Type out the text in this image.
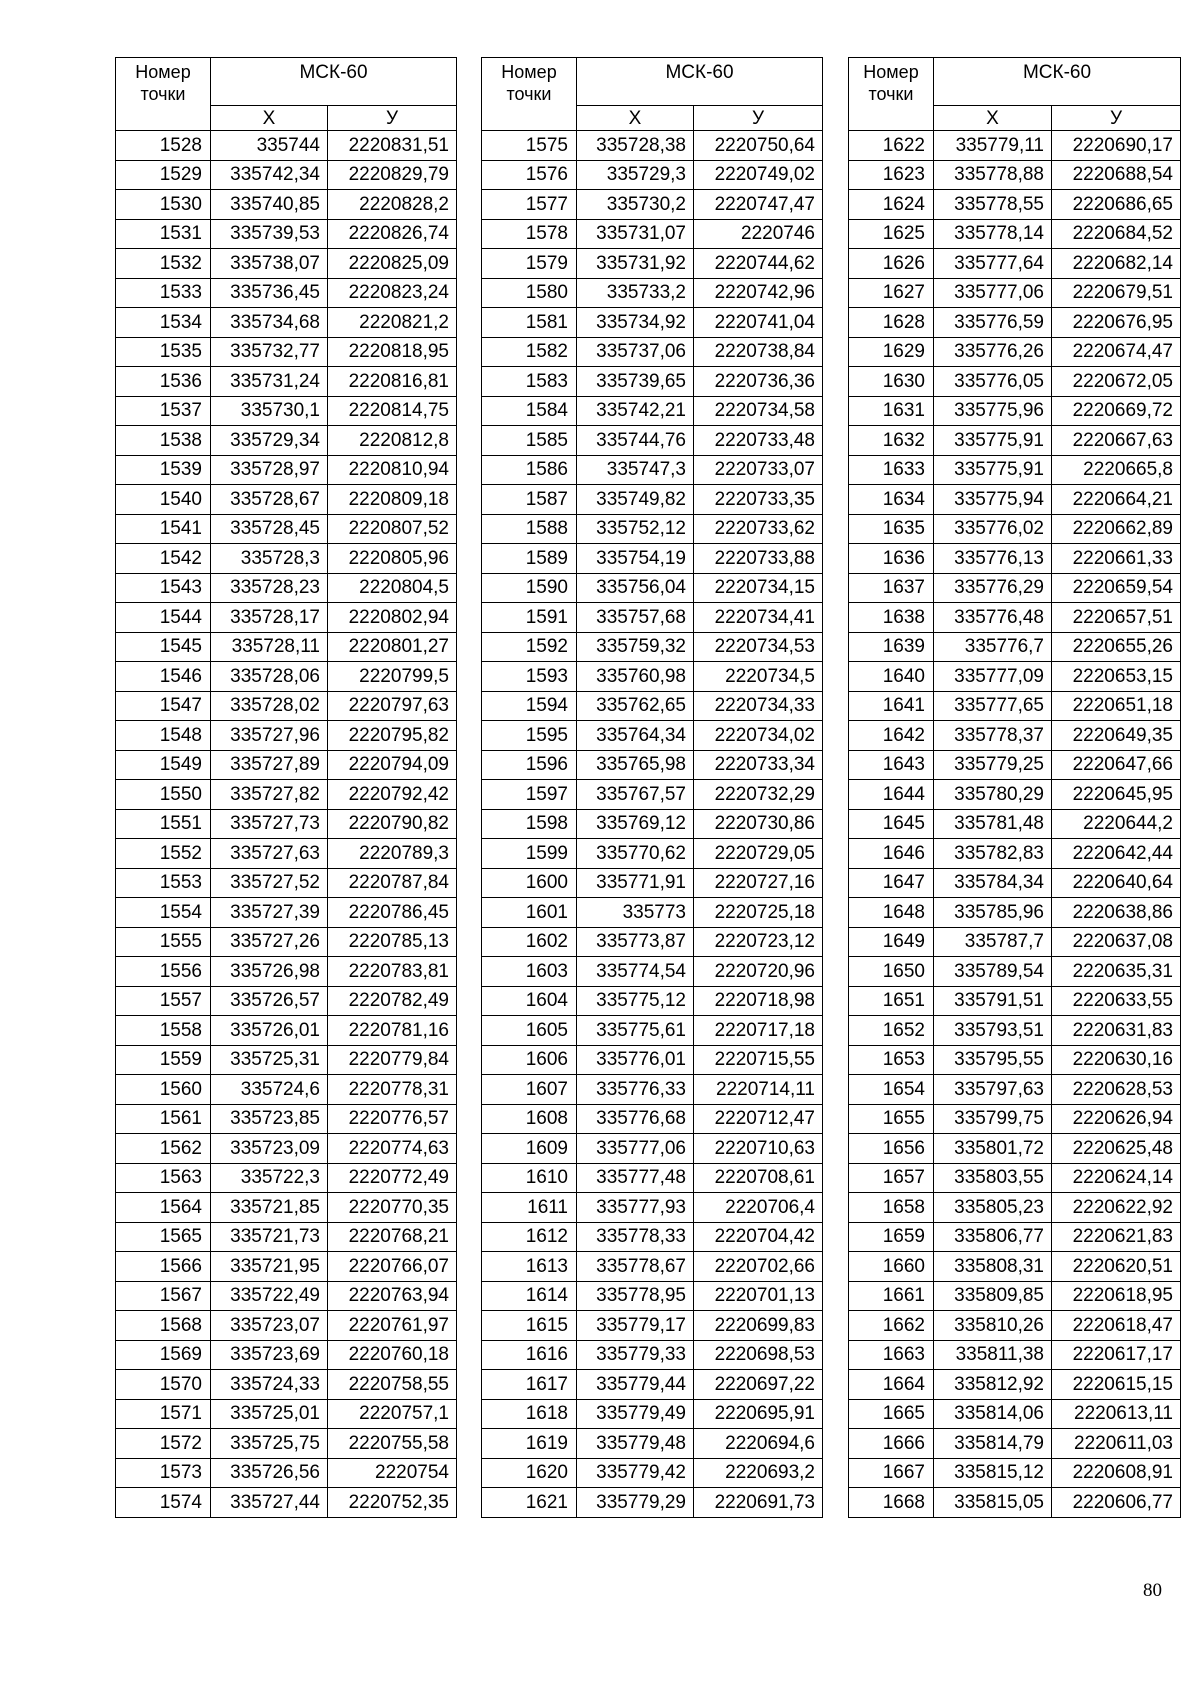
Номер точки	МСК-60	
	Х	У
1528	335744	2220831,51
1529	335742,34	2220829,79
1530	335740,85	2220828,2
1531	335739,53	2220826,74
1532	335738,07	2220825,09
1533	335736,45	2220823,24
1534	335734,68	2220821,2
1535	335732,77	2220818,95
1536	335731,24	2220816,81
1537	335730,1	2220814,75
1538	335729,34	2220812,8
1539	335728,97	2220810,94
1540	335728,67	2220809,18
1541	335728,45	2220807,52
1542	335728,3	2220805,96
1543	335728,23	2220804,5
1544	335728,17	2220802,94
1545	335728,11	2220801,27
1546	335728,06	2220799,5
1547	335728,02	2220797,63
1548	335727,96	2220795,82
1549	335727,89	2220794,09
1550	335727,82	2220792,42
1551	335727,73	2220790,82
1552	335727,63	2220789,3
1553	335727,52	2220787,84
1554	335727,39	2220786,45
1555	335727,26	2220785,13
1556	335726,98	2220783,81
1557	335726,57	2220782,49
1558	335726,01	2220781,16
1559	335725,31	2220779,84
1560	335724,6	2220778,31
1561	335723,85	2220776,57
1562	335723,09	2220774,63
1563	335722,3	2220772,49
1564	335721,85	2220770,35
1565	335721,73	2220768,21
1566	335721,95	2220766,07
1567	335722,49	2220763,94
1568	335723,07	2220761,97
1569	335723,69	2220760,18
1570	335724,33	2220758,55
1571	335725,01	2220757,1
1572	335725,75	2220755,58
1573	335726,56	2220754
1574	335727,44	2220752,35
Номер точки	МСК-60	
	Х	У
1575	335728,38	2220750,64
1576	335729,3	2220749,02
1577	335730,2	2220747,47
1578	335731,07	2220746
1579	335731,92	2220744,62
1580	335733,2	2220742,96
1581	335734,92	2220741,04
1582	335737,06	2220738,84
1583	335739,65	2220736,36
1584	335742,21	2220734,58
1585	335744,76	2220733,48
1586	335747,3	2220733,07
1587	335749,82	2220733,35
1588	335752,12	2220733,62
1589	335754,19	2220733,88
1590	335756,04	2220734,15
1591	335757,68	2220734,41
1592	335759,32	2220734,53
1593	335760,98	2220734,5
1594	335762,65	2220734,33
1595	335764,34	2220734,02
1596	335765,98	2220733,34
1597	335767,57	2220732,29
1598	335769,12	2220730,86
1599	335770,62	2220729,05
1600	335771,91	2220727,16
1601	335773	2220725,18
1602	335773,87	2220723,12
1603	335774,54	2220720,96
1604	335775,12	2220718,98
1605	335775,61	2220717,18
1606	335776,01	2220715,55
1607	335776,33	2220714,11
1608	335776,68	2220712,47
1609	335777,06	2220710,63
1610	335777,48	2220708,61
1611	335777,93	2220706,4
1612	335778,33	2220704,42
1613	335778,67	2220702,66
1614	335778,95	2220701,13
1615	335779,17	2220699,83
1616	335779,33	2220698,53
1617	335779,44	2220697,22
1618	335779,49	2220695,91
1619	335779,48	2220694,6
1620	335779,42	2220693,2
1621	335779,29	2220691,73
Номер точки	МСК-60	
	Х	У
1622	335779,11	2220690,17
1623	335778,88	2220688,54
1624	335778,55	2220686,65
1625	335778,14	2220684,52
1626	335777,64	2220682,14
1627	335777,06	2220679,51
1628	335776,59	2220676,95
1629	335776,26	2220674,47
1630	335776,05	2220672,05
1631	335775,96	2220669,72
1632	335775,91	2220667,63
1633	335775,91	2220665,8
1634	335775,94	2220664,21
1635	335776,02	2220662,89
1636	335776,13	2220661,33
1637	335776,29	2220659,54
1638	335776,48	2220657,51
1639	335776,7	2220655,26
1640	335777,09	2220653,15
1641	335777,65	2220651,18
1642	335778,37	2220649,35
1643	335779,25	2220647,66
1644	335780,29	2220645,95
1645	335781,48	2220644,2
1646	335782,83	2220642,44
1647	335784,34	2220640,64
1648	335785,96	2220638,86
1649	335787,7	2220637,08
1650	335789,54	2220635,31
1651	335791,51	2220633,55
1652	335793,51	2220631,83
1653	335795,55	2220630,16
1654	335797,63	2220628,53
1655	335799,75	2220626,94
1656	335801,72	2220625,48
1657	335803,55	2220624,14
1658	335805,23	2220622,92
1659	335806,77	2220621,83
1660	335808,31	2220620,51
1661	335809,85	2220618,95
1662	335810,26	2220618,47
1663	335811,38	2220617,17
1664	335812,92	2220615,15
1665	335814,06	2220613,11
1666	335814,79	2220611,03
1667	335815,12	2220608,91
1668	335815,05	2220606,77
80
